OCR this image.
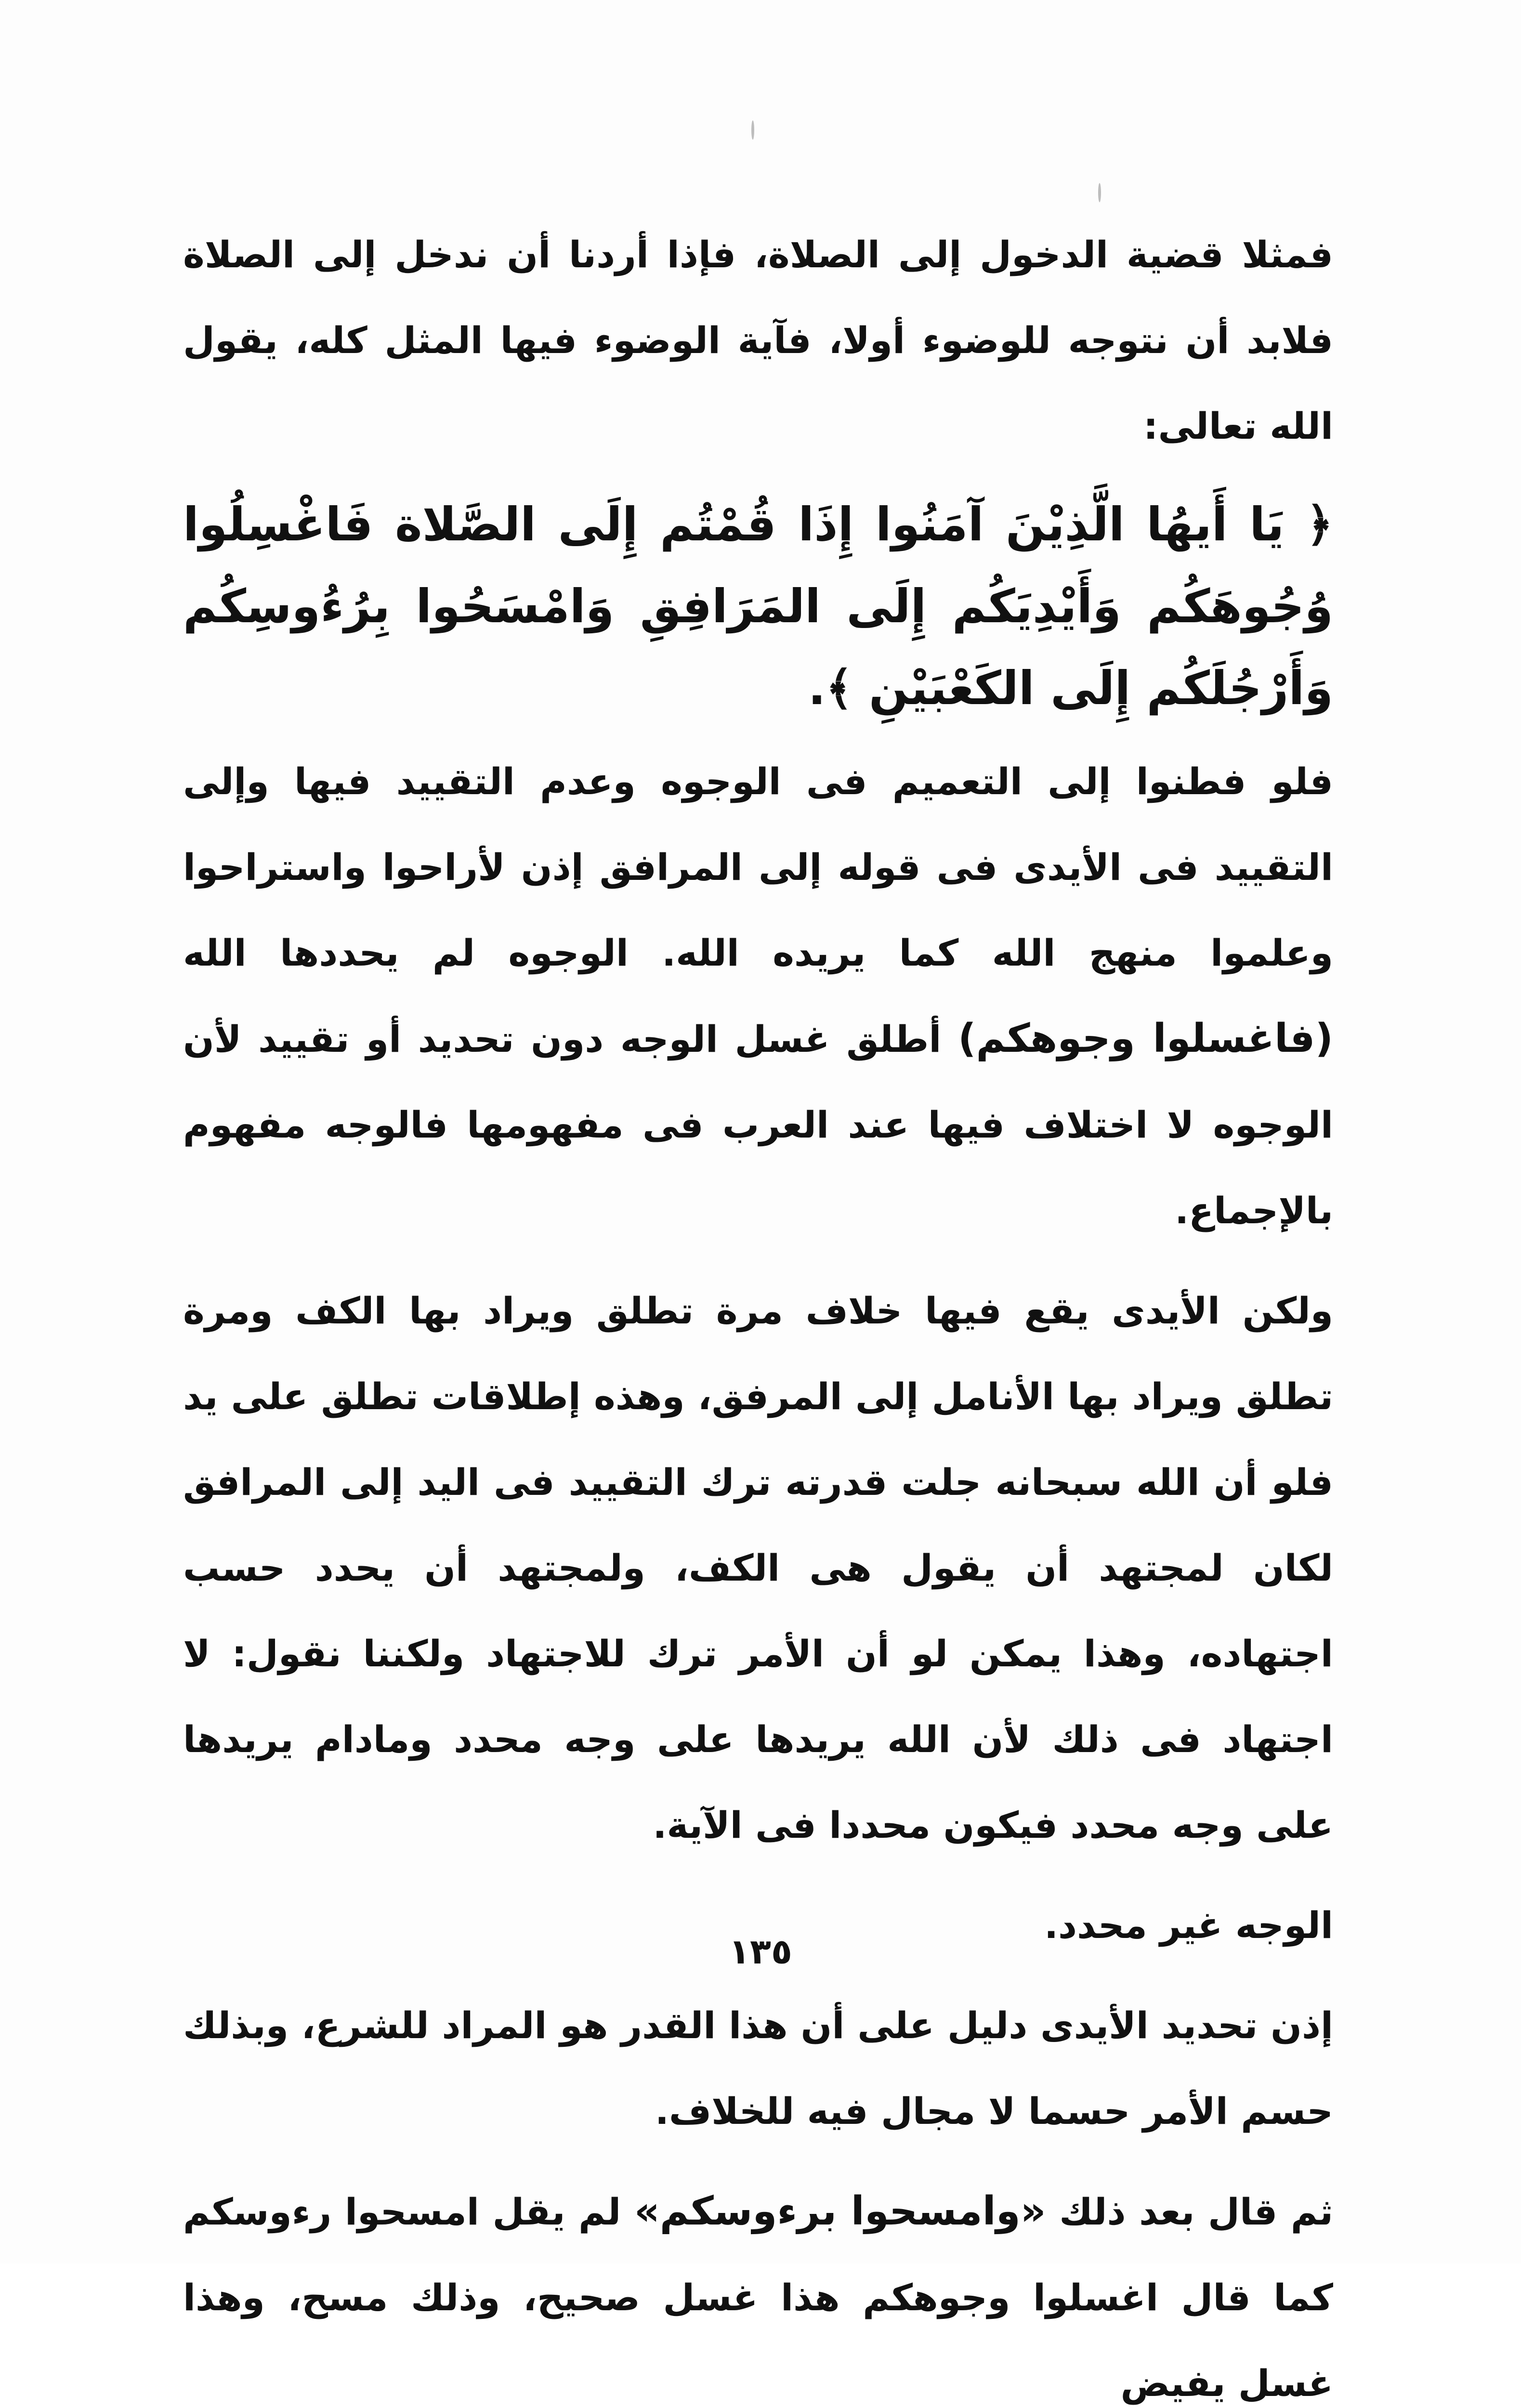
فمثلا قضية الدخول إلى الصلاة، فإذا أردنا أن ندخل إلى الصلاة فلابد أن نتوجه للوضوء أولا، فآية الوضوء فيها المثل كله، يقول الله تعالى:

﴿ يَا أَيهُا الَّذِيْنَ آمَنُوا إِذَا قُمْتُم إِلَى الصَّلاة فَاغْسِلُوا وُجُوهَكُم وَأَيْدِيَكُم إِلَى المَرَافِقِ وَامْسَحُوا بِرُءُوسِكُم وَأَرْجُلَكُم إِلَى الكَعْبَيْنِ ﴾.

فلو فطنوا إلى التعميم فى الوجوه وعدم التقييد فيها وإلى التقييد فى الأيدى فى قوله إلى المرافق إذن لأراحوا واستراحوا وعلموا منهج الله كما يريده الله. الوجوه لم يحددها الله (فاغسلوا وجوهكم) أطلق غسل الوجه دون تحديد أو تقييد لأن الوجوه لا اختلاف فيها عند العرب فى مفهومها فالوجه مفهوم بالإجماع.

ولكن الأيدى يقع فيها خلاف مرة تطلق ويراد بها الكف ومرة تطلق ويراد بها الأنامل إلى المرفق، وهذه إطلاقات تطلق على يد فلو أن الله سبحانه جلت قدرته ترك التقييد فى اليد إلى المرافق لكان لمجتهد أن يقول هى الكف، ولمجتهد أن يحدد حسب اجتهاده، وهذا يمكن لو أن الأمر ترك للاجتهاد ولكننا نقول: لا اجتهاد فى ذلك لأن الله يريدها على وجه محدد ومادام يريدها على وجه محدد فيكون محددا فى الآية.

الوجه غير محدد.

إذن تحديد الأيدى دليل على أن هذا القدر هو المراد للشرع، وبذلك حسم الأمر حسما لا مجال فيه للخلاف.

ثم قال بعد ذلك «وامسحوا برءوسكم» لم يقل امسحوا رءوسكم كما قال اغسلوا وجوهكم هذا غسل صحيح، وذلك مسح، وهذا غسل يفيض

١٣٥
